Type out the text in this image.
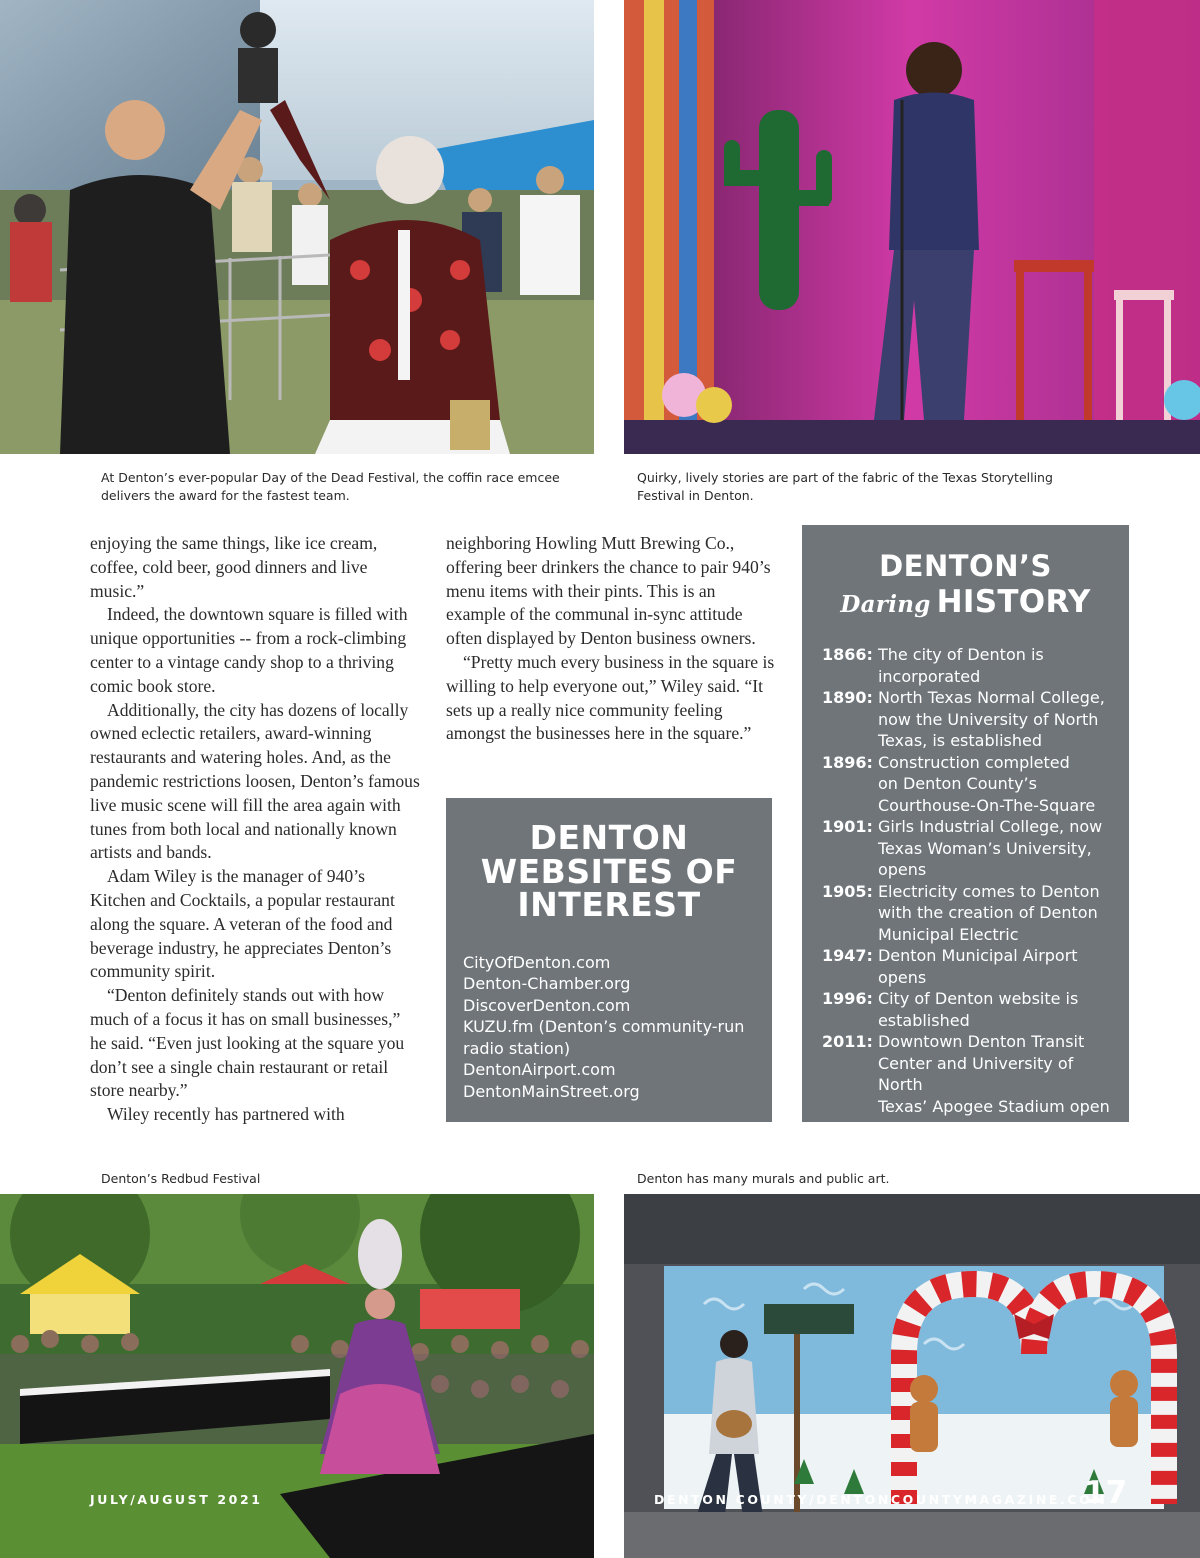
At Denton’s ever-popular Day of the Dead Festival, the coffin race emcee delivers the award for the fastest team.
Quirky, lively stories are part of the fabric of the Texas Storytelling Festival in Denton.
Denton’s Redbud Festival	Denton has many murals and public art.

enjoying the same things, like ice cream, coffee, cold beer, good dinners and live music.”

Indeed, the downtown square is filled with unique opportunities -- from a rock-climbing center to a vintage candy shop to a thriving comic book store.

Additionally, the city has dozens of locally owned eclectic retailers, award-winning restaurants and watering holes. And, as the pandemic restrictions loosen, Denton’s famous live music scene will fill the area again with tunes from both local and nationally known artists and bands.

Adam Wiley is the manager of 940’s Kitchen and Cocktails, a popular restaurant along the square. A veteran of the food and beverage industry, he appreciates Denton’s community spirit.

“Denton definitely stands out with how much of a focus it has on small businesses,” he said. “Even just looking at the square you don’t see a single chain restaurant or retail store nearby.”

Wiley recently has partnered with

neighboring Howling Mutt Brewing Co., offering beer drinkers the chance to pair 940’s menu items with their pints. This is an example of the communal in-sync attitude often displayed by Denton business owners.

“Pretty much every business in the square is willing to help everyone out,” Wiley said. “It sets up a really nice community feeling amongst the businesses here in the square.”

DENTON
WEBSITES OF
INTEREST
CityOfDenton.com
Denton-Chamber.org
DiscoverDenton.com
KUZU.fm (Denton’s community-run
radio station)
DentonAirport.com
DentonMainStreet.org
DENTON’S
Daring HISTORY
1866: The city of Denton is
incorporated
1890: North Texas Normal College,
now the University of North
Texas, is established
1896: Construction completed
on Denton County’s
Courthouse-On-The-Square
1901: Girls Industrial College, now
Texas Woman’s University,
opens
1905: Electricity comes to Denton
with the creation of Denton
Municipal Electric
1947: Denton Municipal Airport
opens
1996: City of Denton website is
established
2011: Downtown Denton Transit
Center and University of North
Texas’ Apogee Stadium open
JULY/AUGUST 2021	DENTON COUNTY/DENTONCOUNTYMAGAZINE.COM
17
